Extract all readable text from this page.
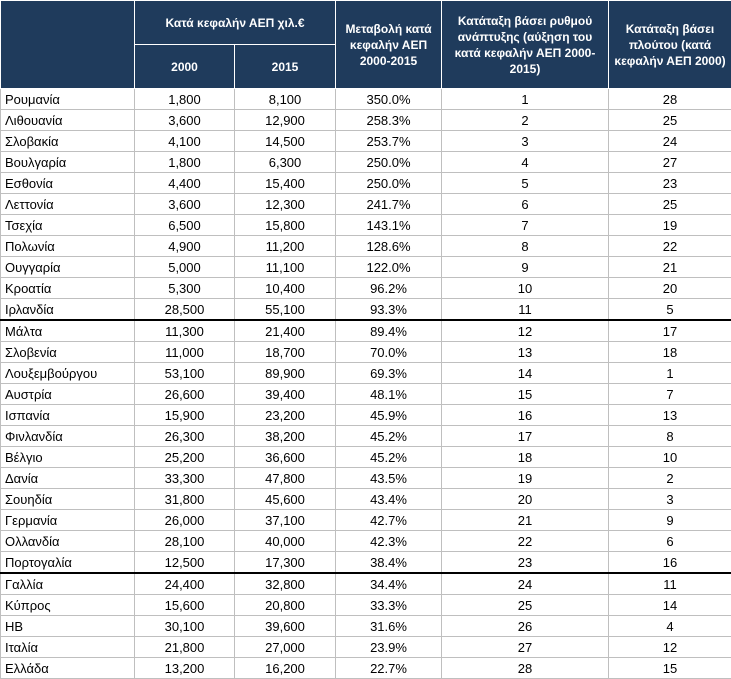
	Κατά κεφαλήν ΑΕΠ χιλ.€		Μεταβολή κατά κεφαλήν ΑΕΠ 2000-2015	Κατάταξη βάσει ρυθμού ανάπτυξης (αύξηση του κατά κεφαλήν ΑΕΠ 2000-2015)	Κατάταξη βάσει πλούτου (κατά κεφαλήν ΑΕΠ 2000)
	2000	2015			
Ρουμανία	1,800	8,100	350.0%	1	28
Λιθουανία	3,600	12,900	258.3%	2	25
Σλοβακία	4,100	14,500	253.7%	3	24
Βουλγαρία	1,800	6,300	250.0%	4	27
Εσθονία	4,400	15,400	250.0%	5	23
Λεττονία	3,600	12,300	241.7%	6	25
Τσεχία	6,500	15,800	143.1%	7	19
Πολωνία	4,900	11,200	128.6%	8	22
Ουγγαρία	5,000	11,100	122.0%	9	21
Κροατία	5,300	10,400	96.2%	10	20
Ιρλανδία	28,500	55,100	93.3%	11	5
Μάλτα	11,300	21,400	89.4%	12	17
Σλοβενία	11,000	18,700	70.0%	13	18
Λουξεμβούργου	53,100	89,900	69.3%	14	1
Αυστρία	26,600	39,400	48.1%	15	7
Ισπανία	15,900	23,200	45.9%	16	13
Φινλανδία	26,300	38,200	45.2%	17	8
Βέλγιο	25,200	36,600	45.2%	18	10
Δανία	33,300	47,800	43.5%	19	2
Σουηδία	31,800	45,600	43.4%	20	3
Γερμανία	26,000	37,100	42.7%	21	9
Ολλανδία	28,100	40,000	42.3%	22	6
Πορτογαλία	12,500	17,300	38.4%	23	16
Γαλλία	24,400	32,800	34.4%	24	11
Κύπρος	15,600	20,800	33.3%	25	14
ΗΒ	30,100	39,600	31.6%	26	4
Ιταλία	21,800	27,000	23.9%	27	12
Ελλάδα	13,200	16,200	22.7%	28	15
